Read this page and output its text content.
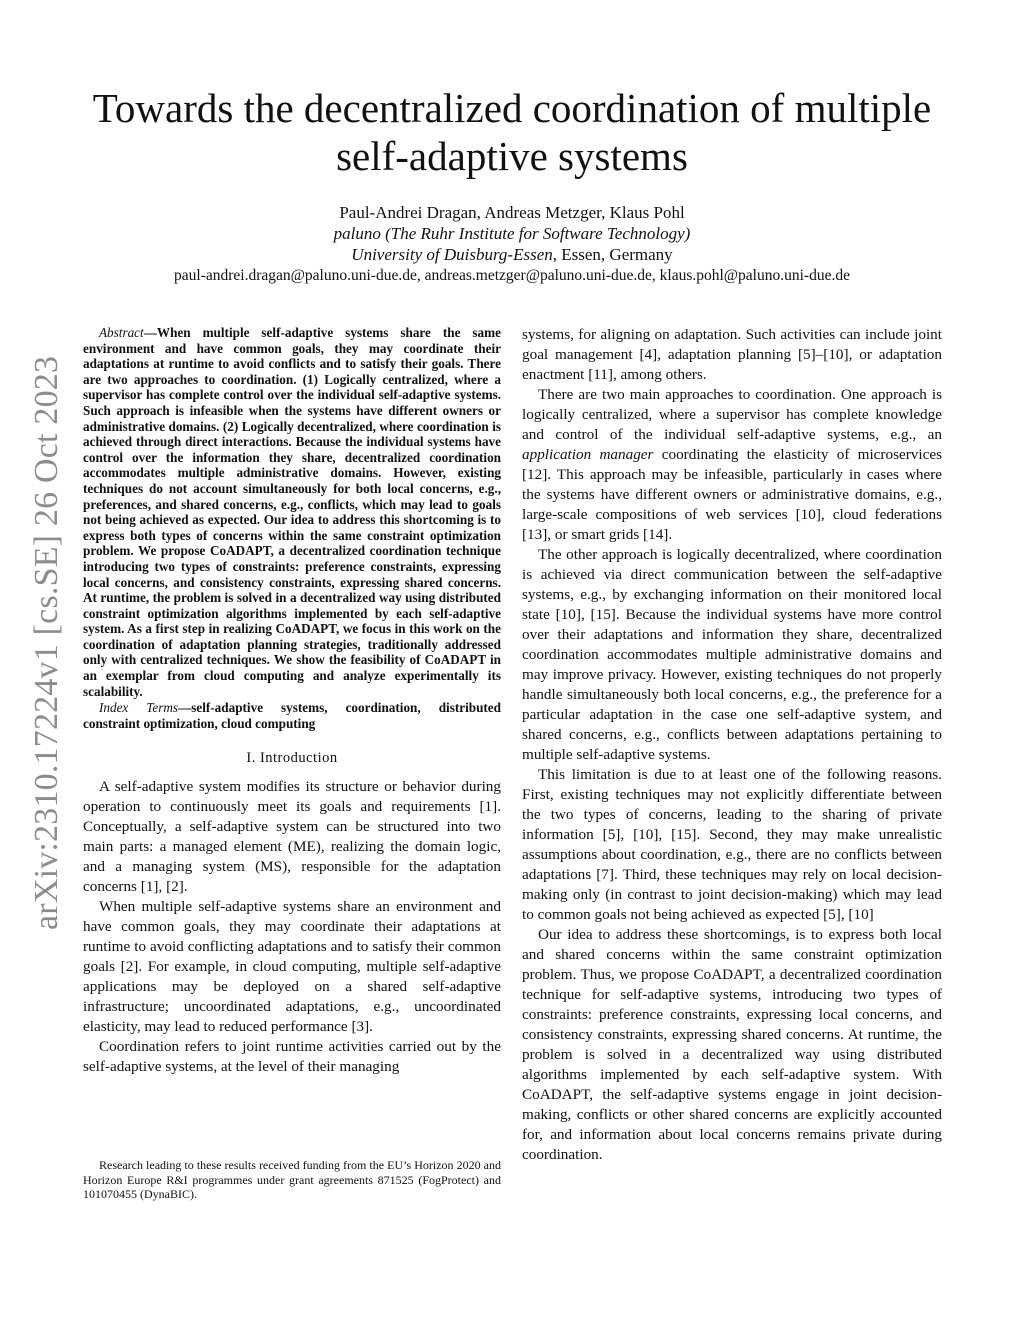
arXiv:2310.17224v1 [cs.SE] 26 Oct 2023
Towards the decentralized coordination of multiple
self-adaptive systems
Paul-Andrei Dragan, Andreas Metzger, Klaus Pohl
paluno (The Ruhr Institute for Software Technology)
University of Duisburg-Essen, Essen, Germany
paul-andrei.dragan@paluno.uni-due.de, andreas.metzger@paluno.uni-due.de, klaus.pohl@paluno.uni-due.de

Abstract—When multiple self-adaptive systems share the same environment and have common goals, they may coordinate their adaptations at runtime to avoid conflicts and to satisfy their goals. There are two approaches to coordination. (1) Logically centralized, where a supervisor has complete control over the individual self-adaptive systems. Such approach is infeasible when the systems have different owners or administrative domains. (2) Logically decentralized, where coordination is achieved through direct interactions. Because the individual systems have control over the information they share, decentralized coordination accommodates multiple administrative domains. However, existing techniques do not account simultaneously for both local concerns, e.g., preferences, and shared concerns, e.g., conflicts, which may lead to goals not being achieved as expected. Our idea to address this shortcoming is to express both types of concerns within the same constraint optimization problem. We propose CoADAPT, a decentralized coordination technique introducing two types of constraints: preference constraints, expressing local concerns, and consistency constraints, expressing shared concerns. At runtime, the problem is solved in a decentralized way using distributed constraint optimization algorithms implemented by each self-adaptive system. As a first step in realizing CoADAPT, we focus in this work on the coordination of adaptation planning strategies, traditionally addressed only with centralized techniques. We show the feasibility of CoADAPT in an exemplar from cloud computing and analyze experimentally its scalability.

Index Terms—self-adaptive systems, coordination, distributed constraint optimization, cloud computing

I. Introduction

A self-adaptive system modifies its structure or behavior during operation to continuously meet its goals and requirements [1]. Conceptually, a self-adaptive system can be structured into two main parts: a managed element (ME), realizing the domain logic, and a managing system (MS), responsible for the adaptation concerns [1], [2].

When multiple self-adaptive systems share an environment and have common goals, they may coordinate their adaptations at runtime to avoid conflicting adaptations and to satisfy their common goals [2]. For example, in cloud computing, multiple self-adaptive applications may be deployed on a shared self-adaptive infrastructure; uncoordinated adaptations, e.g., uncoordinated elasticity, may lead to reduced performance [3].

Coordination refers to joint runtime activities carried out by the self-adaptive systems, at the level of their managing

Research leading to these results received funding from the EU’s Horizon 2020 and Horizon Europe R&I programmes under grant agreements 871525 (FogProtect) and 101070455 (DynaBIC).

systems, for aligning on adaptation. Such activities can include joint goal management [4], adaptation planning [5]–[10], or adaptation enactment [11], among others.

There are two main approaches to coordination. One approach is logically centralized, where a supervisor has complete knowledge and control of the individual self-adaptive systems, e.g., an application manager coordinating the elasticity of microservices [12]. This approach may be infeasible, particularly in cases where the systems have different owners or administrative domains, e.g., large-scale compositions of web services [10], cloud federations [13], or smart grids [14].

The other approach is logically decentralized, where coordination is achieved via direct communication between the self-adaptive systems, e.g., by exchanging information on their monitored local state [10], [15]. Because the individual systems have more control over their adaptations and information they share, decentralized coordination accommodates multiple administrative domains and may improve privacy. However, existing techniques do not properly handle simultaneously both local concerns, e.g., the preference for a particular adaptation in the case one self-adaptive system, and shared concerns, e.g., conflicts between adaptations pertaining to multiple self-adaptive systems.

This limitation is due to at least one of the following reasons. First, existing techniques may not explicitly differentiate between the two types of concerns, leading to the sharing of private information [5], [10], [15]. Second, they may make unrealistic assumptions about coordination, e.g., there are no conflicts between adaptations [7]. Third, these techniques may rely on local decision-making only (in contrast to joint decision-making) which may lead to common goals not being achieved as expected [5], [10]

Our idea to address these shortcomings, is to express both local and shared concerns within the same constraint optimization problem. Thus, we propose CoADAPT, a decentralized coordination technique for self-adaptive systems, introducing two types of constraints: preference constraints, expressing local concerns, and consistency constraints, expressing shared concerns. At runtime, the problem is solved in a decentralized way using distributed algorithms implemented by each self-adaptive system. With CoADAPT, the self-adaptive systems engage in joint decision-making, conflicts or other shared concerns are explicitly accounted for, and information about local concerns remains private during coordination.
